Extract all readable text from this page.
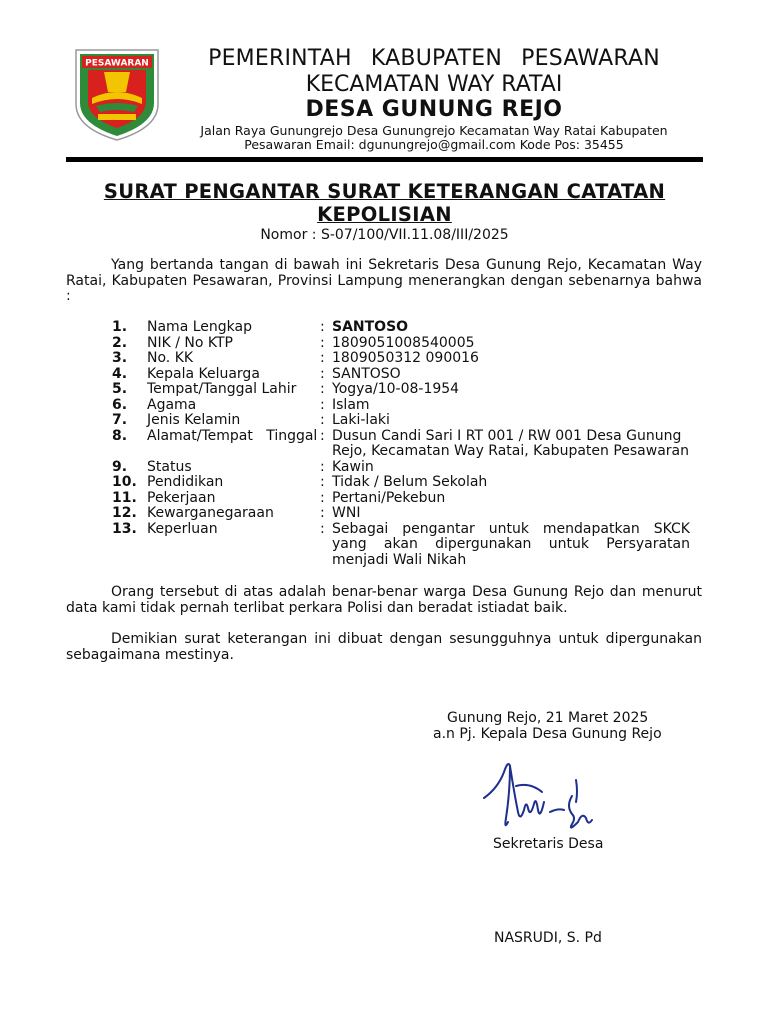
PESAWARAN	PEMERINTAH KABUPATEN PESAWARAN
KECAMATAN WAY RATAI
DESA GUNUNG REJO
Jalan Raya Gunungrejo Desa Gunungrejo Kecamatan Way Ratai Kabupaten
Pesawaran Email: dgunungrejo@gmail.com Kode Pos: 35455
SURAT PENGANTAR SURAT KETERANGAN CATATAN
KEPOLISIAN
Nomor : S-07/100/VII.11.08/III/2025
Yang bertanda tangan di bawah ini Sekretaris Desa Gunung Rejo, Kecamatan Way Ratai, Kabupaten Pesawaran, Provinsi Lampung menerangkan dengan sebenarnya bahwa :
1.	Nama Lengkap	: SANTOSO
2.	NIK / No KTP	: 1809051008540005
3.	No. KK	: 1809050312 090016
4.	Kepala Keluarga	: SANTOSO
5.	Tempat/Tanggal Lahir	: Yogya/10-08-1954
6.	Agama	: Islam
7.	Jenis Kelamin	: Laki-laki
8.	Alamat/Tempat   Tinggal : Dusun Candi Sari I RT 001 / RW 001 Desa Gunung Rejo, Kecamatan Way Ratai, Kabupaten Pesawaran
9.	Status	: Kawin
10. Pendidikan	: Tidak / Belum Sekolah
11. Pekerjaan	: Pertani/Pekebun
12. Kewarganegaraan	: WNI
13. Keperluan	: Sebagai pengantar untuk mendapatkan SKCK yang akan dipergunakan untuk Persyaratan menjadi Wali Nikah
Orang tersebut di atas adalah benar-benar warga Desa Gunung Rejo dan menurut data kami tidak pernah terlibat perkara Polisi dan beradat istiadat baik.
Demikian surat keterangan ini dibuat dengan sesungguhnya untuk dipergunakan sebagaimana mestinya.
Gunung Rejo, 21 Maret 2025
a.n Pj. Kepala Desa Gunung Rejo
Sekretaris Desa
NASRUDI, S. Pd
